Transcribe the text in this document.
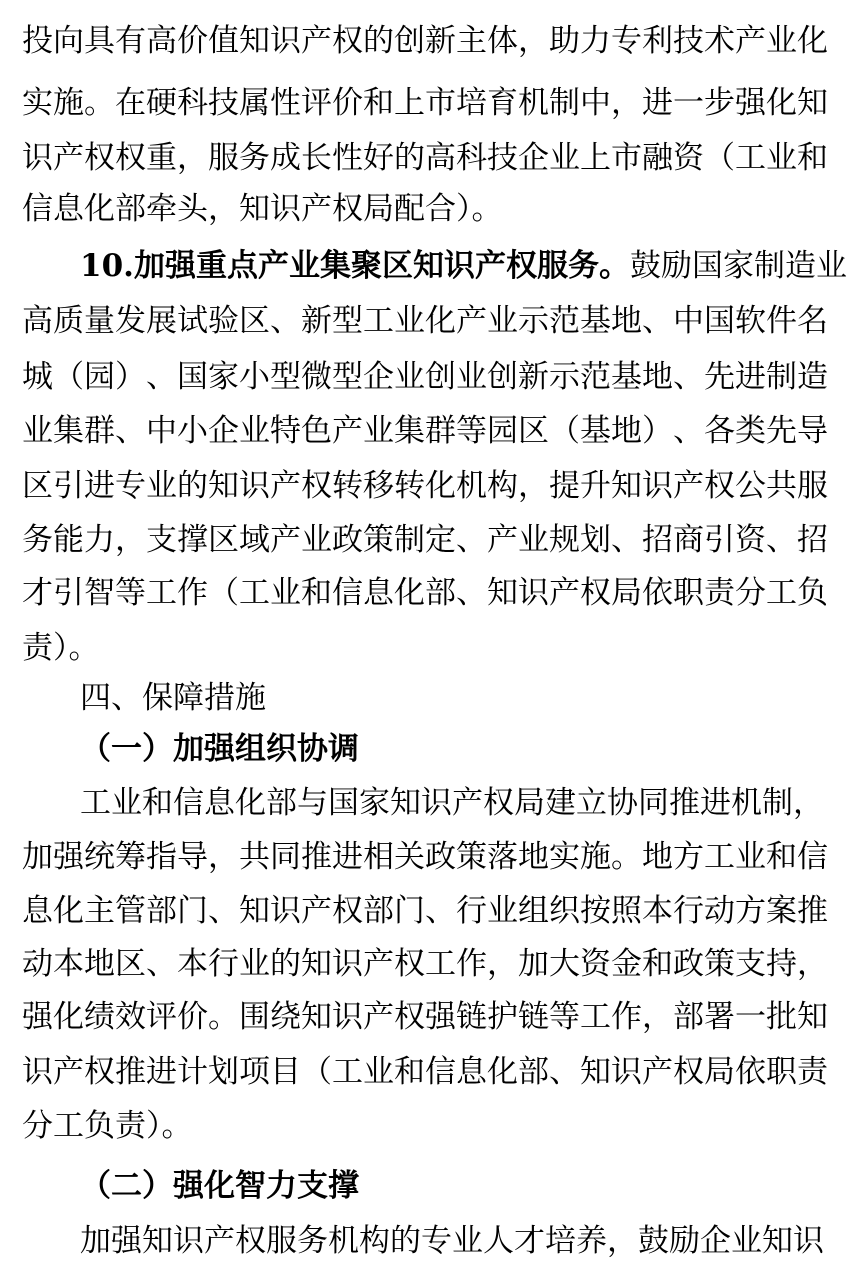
投 向 具 有 高 价 值 知 识 产 权 的 创 新 主 体 ， 助 力 专 利 技 术 产 业 化
实 施 。 在 硬 科 技 属 性 评 价 和 上 市 培 育 机 制 中 ， 进 一 步 强 化 知
识 产 权 权 重 ， 服 务 成 长 性 好 的 高 科 技 企 业 上 市 融 资 （ 工 业 和
信息化部牵头，知识产权局配合）。
10. 加 强 重 点 产 业 集 聚 区 知 识 产 权 服 务 。 鼓 励 国 家 制 造 业
高 质 量 发 展 试 验 区 、 新 型 工 业 化 产 业 示 范 基 地 、 中 国 软 件 名
城 （ 园 ） 、 国 家 小 型 微 型 企 业 创 业 创 新 示 范 基 地 、 先 进 制 造
业 集 群 、 中 小 企 业 特 色 产 业 集 群 等 园 区 （ 基 地 ） 、 各 类 先 导
区 引 进 专 业 的 知 识 产 权 转 移 转 化 机 构 ， 提 升 知 识 产 权 公 共 服
务 能 力 ， 支 撑 区 域 产 业 政 策 制 定 、 产 业 规 划 、 招 商 引 资 、 招
才 引 智 等 工 作 （ 工 业 和 信 息 化 部 、 知 识 产 权 局 依 职 责 分 工 负
责）。
四、保障措施
（一）加强组织协调
工 业 和 信 息 化 部 与 国 家 知 识 产 权 局 建 立 协 同 推 进 机 制 ，
加 强 统 筹 指 导 ， 共 同 推 进 相 关 政 策 落 地 实 施 。 地 方 工 业 和 信
息 化 主 管 部 门 、 知 识 产 权 部 门 、 行 业 组 织 按 照 本 行 动 方 案 推
动 本 地 区 、 本 行 业 的 知 识 产 权 工 作 ， 加 大 资 金 和 政 策 支 持 ，
强 化 绩 效 评 价 。 围 绕 知 识 产 权 强 链 护 链 等 工 作 ， 部 署 一 批 知
识 产 权 推 进 计 划 项 目 （ 工 业 和 信 息 化 部 、 知 识 产 权 局 依 职 责
分工负责）。
（二）强化智力支撑
加 强 知 识 产 权 服 务 机 构 的 专 业 人 才 培 养 ， 鼓 励 企 业 知 识
